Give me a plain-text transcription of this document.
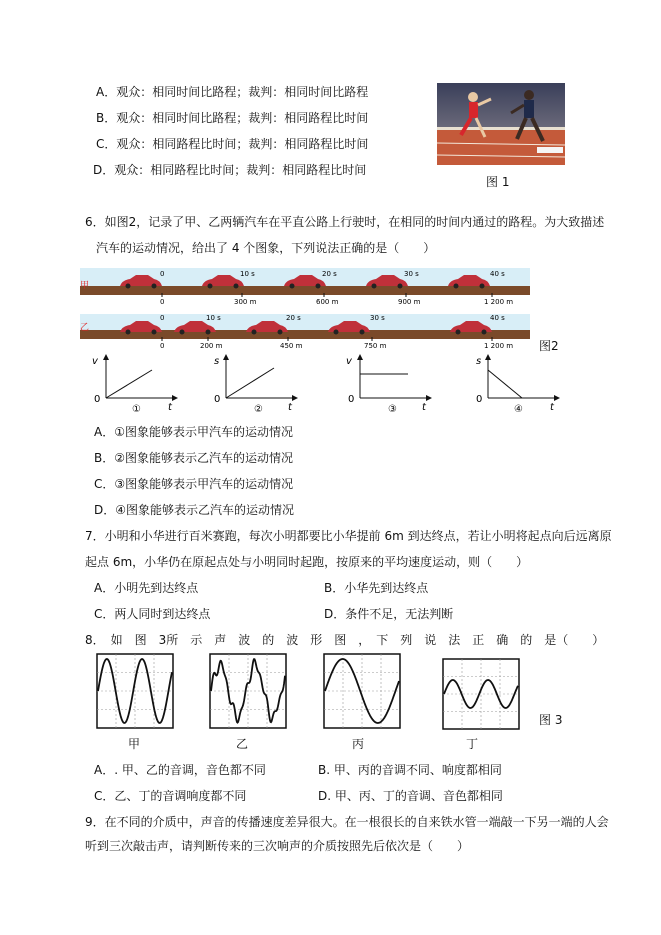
A．观众：相同时间比路程；裁判：相同时间比路程
B．观众：相同时间比路程；裁判：相同路程比时间
C．观众：相同路程比时间；裁判：相同路程比时间
D．观众：相同路程比时间；裁判：相同路程比时间
图 1
6．如图2，记录了甲、乙两辆汽车在平直公路上行驶时，在相同的时间内通过的路程。为大致描述
汽车的运动情况，给出了 4 个图象，下列说法正确的是（　　）
甲
乙
0	10 s	20 s	30 s	40 s
0	300 m	600 m	900 m	1 200 m
0	10 s	20 s	30 s	40 s
0	200 m	450 m	750 m	1 200 m 图2
v
t
0
①
s
t
0
②
v
t
0
③
s
t
0
④
A．①图象能够表示甲汽车的运动情况
B．②图象能够表示乙汽车的运动情况
C．③图象能够表示甲汽车的运动情况
D．④图象能够表示乙汽车的运动情况
7．小明和小华进行百米赛跑，每次小明都要比小华提前 6m 到达终点，若让小明将起点向后远离原
起点 6m，小华仍在原起点处与小明同时起跑，按原来的平均速度运动，则（　　）
A．小明先到达终点	B．小华先到达终点
C．两人同时到达终点	D．条件不足，无法判断
8．　如　图　3所　示　声　波　的　波　形　图　，　下　列　说　法　正　确　的　是（　　）
甲	乙	丙	丁
图 3
A．. 甲、乙的音调，音色都不同	B. 甲、丙的音调不同、响度都相同
C．乙、丁的音调响度都不同	D. 甲、丙、丁的音调、音色都相同
9．在不同的介质中，声音的传播速度差异很大。在一根很长的自来铁水管一端敲一下另一端的人会
听到三次敲击声，请判断传来的三次响声的介质按照先后依次是（　　）
